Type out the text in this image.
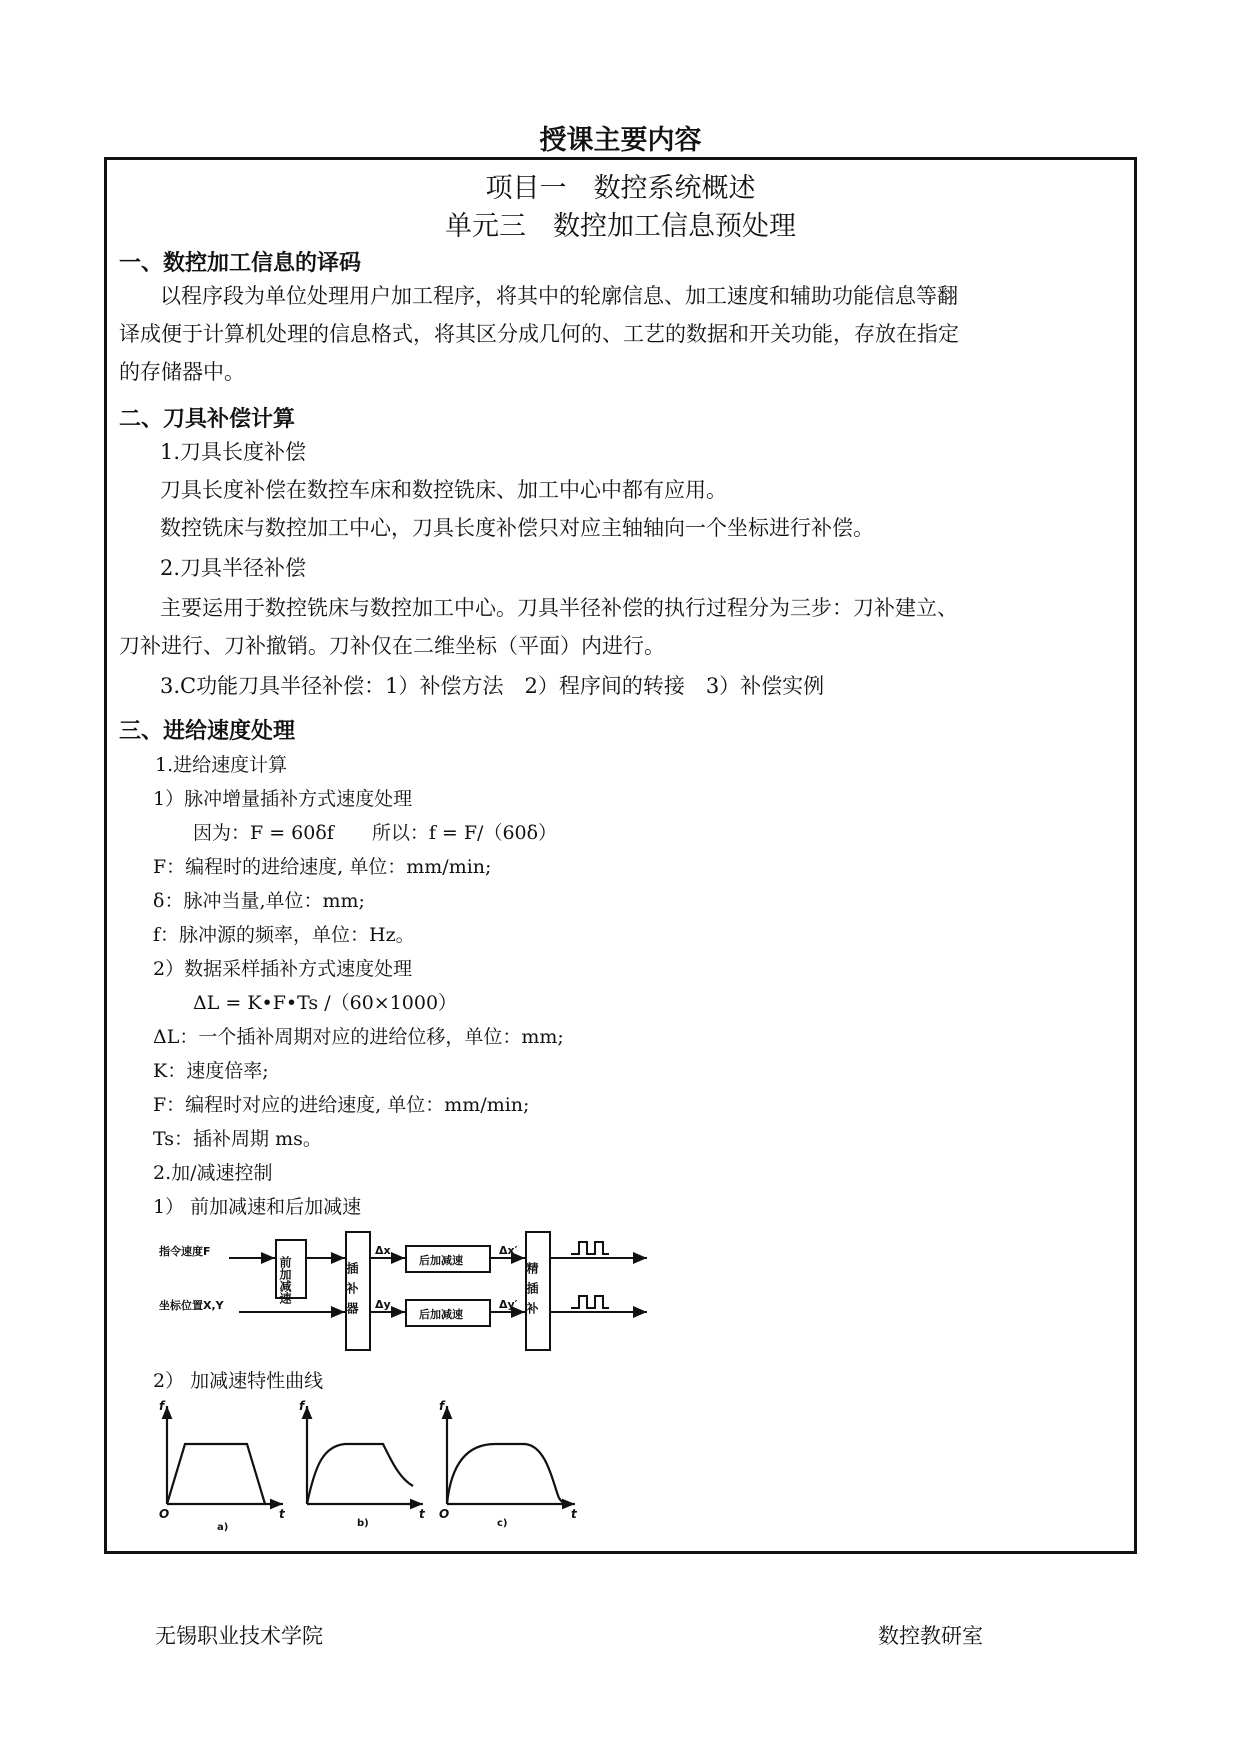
授课主要内容
项目一　数控系统概述
单元三　数控加工信息预处理
一、数控加工信息的译码
以程序段为单位处理用户加工程序，将其中的轮廓信息、加工速度和辅助功能信息等翻
译成便于计算机处理的信息格式，将其区分成几何的、工艺的数据和开关功能，存放在指定
的存储器中。
二、刀具补偿计算
1.刀具长度补偿
刀具长度补偿在数控车床和数控铣床、加工中心中都有应用。
数控铣床与数控加工中心，刀具长度补偿只对应主轴轴向一个坐标进行补偿。
2.刀具半径补偿
主要运用于数控铣床与数控加工中心。刀具半径补偿的执行过程分为三步：刀补建立、
刀补进行、刀补撤销。刀补仅在二维坐标（平面）内进行。
3.C功能刀具半径补偿：1）补偿方法　2）程序间的转接　3）补偿实例
三、进给速度处理
1.进给速度计算
1）脉冲增量插补方式速度处理
因为：F = 60δf　　所以：f = F/（60δ）
F：编程时的进给速度, 单位：mm/min;
δ：脉冲当量,单位：mm;
f：脉冲源的频率，单位：Hz。
2）数据采样插补方式速度处理
ΔL = K•F•Ts /（60×1000）
ΔL：一个插补周期对应的进给位移，单位：mm;
K：速度倍率;
F：编程时对应的进给速度, 单位：mm/min;
Ts：插补周期 ms。
2.加/减速控制
1） 前加减速和后加减速
指令速度F
坐标位置X,Y
Δx
Δy
Δx′
Δy′
后加减速
后加减速
前加减速	插补器	精插补
2） 加减速特性曲线
f
O	t
f
t
f
O	t
a)	b)	c)
无锡职业技术学院	数控教研室
